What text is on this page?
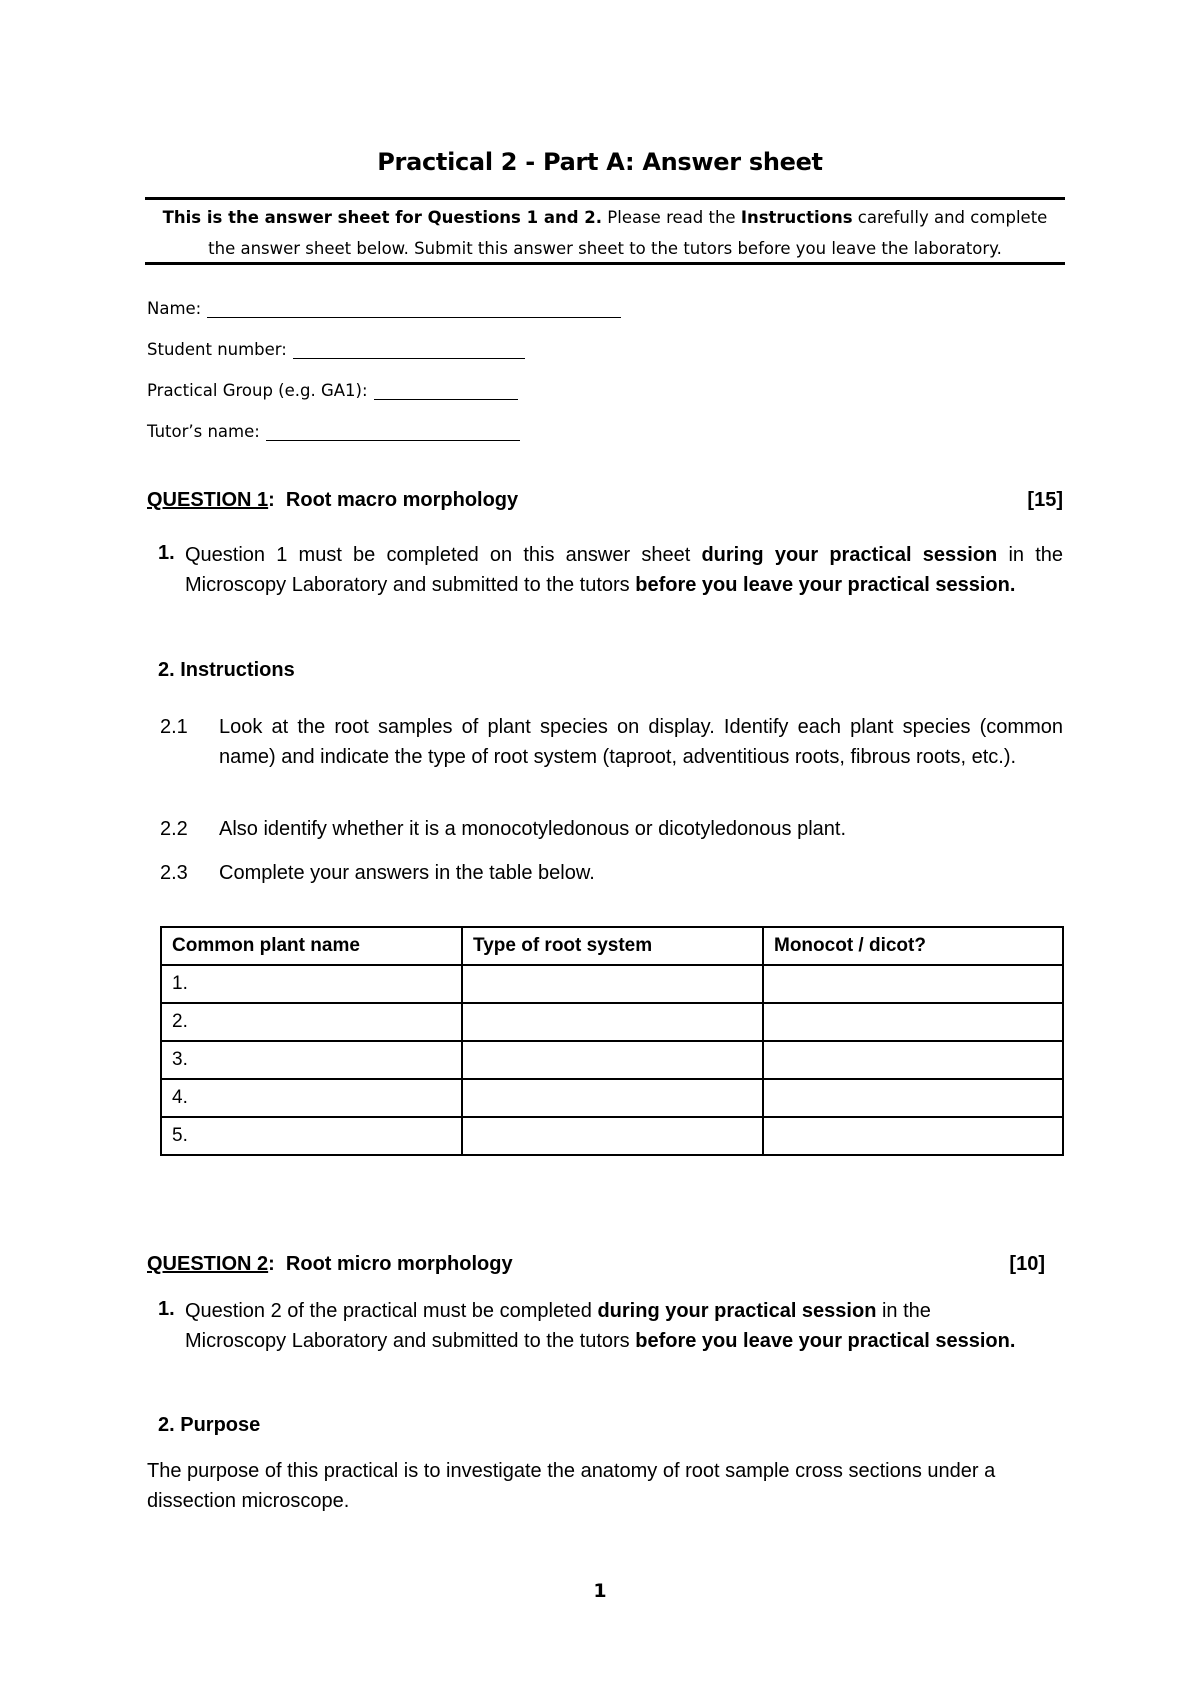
Practical 2 - Part A: Answer sheet
This is the answer sheet for Questions 1 and 2. Please read the Instructions carefully and complete
the answer sheet below. Submit this answer sheet to the tutors before you leave the laboratory.
Name:
Student number:
Practical Group (e.g. GA1):
Tutor’s name:
QUESTION 1:  Root macro morphology	[15]
1. Question 1 must be completed on this answer sheet during your practical session in the Microscopy Laboratory and submitted to the tutors before you leave your practical session.
2. Instructions
2.1 Look at the root samples of plant species on display. Identify each plant species (common name) and indicate the type of root system (taproot, adventitious roots, fibrous roots, etc.).
2.2 Also identify whether it is a monocotyledonous or dicotyledonous plant.
2.3 Complete your answers in the table below.
Common plant name	Type of root system	Monocot / dicot?
1.		
2.		
3.		
4.		
5.		
QUESTION 2:  Root micro morphology	[10]
1. Question 2 of the practical must be completed during your practical session in the Microscopy Laboratory and submitted to the tutors before you leave your practical session.
2. Purpose
The purpose of this practical is to investigate the anatomy of root sample cross sections under a dissection microscope.
1
